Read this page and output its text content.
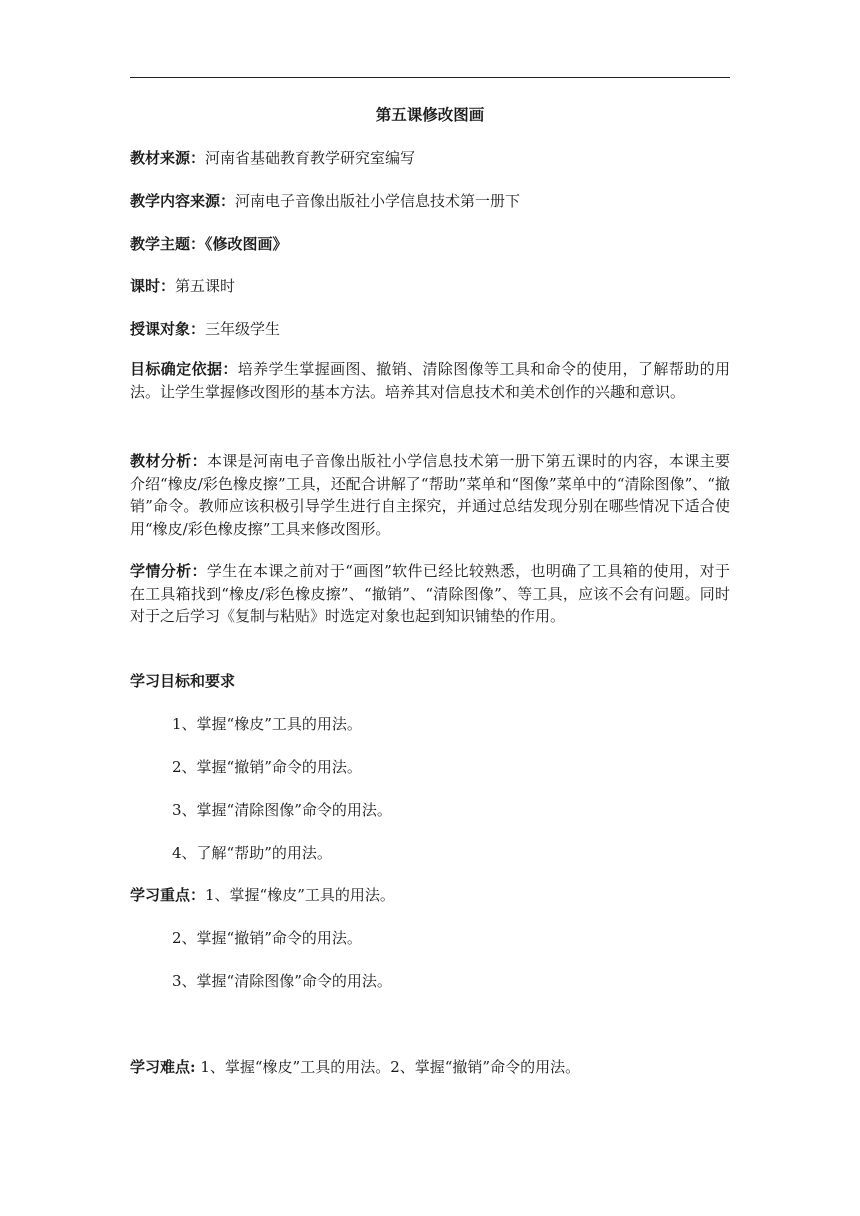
第五课修改图画
教材来源：河南省基础教育教学研究室编写
教学内容来源：河南电子音像出版社小学信息技术第一册下
教学主题：《修改图画》
课时：第五课时
授课对象：三年级学生
目标确定依据：培养学生掌握画图、撤销、清除图像等工具和命令的使用，了解帮助的用法。让学生掌握修改图形的基本方法。培养其对信息技术和美术创作的兴趣和意识。
教材分析：本课是河南电子音像出版社小学信息技术第一册下第五课时的内容，本课主要介绍“橡皮/彩色橡皮擦”工具，还配合讲解了“帮助”菜单和“图像”菜单中的“清除图像”、“撤销”命令。教师应该积极引导学生进行自主探究，并通过总结发现分别在哪些情况下适合使用“橡皮/彩色橡皮擦”工具来修改图形。
学情分析：学生在本课之前对于“画图”软件已经比较熟悉，也明确了工具箱的使用，对于在工具箱找到“橡皮/彩色橡皮擦”、“撤销”、“清除图像”、等工具，应该不会有问题。同时对于之后学习《复制与粘贴》时选定对象也起到知识铺垫的作用。
学习目标和要求
1、掌握“橡皮”工具的用法。
2、掌握“撤销”命令的用法。
3、掌握“清除图像”命令的用法。
4、了解“帮助”的用法。
学习重点：1、掌握“橡皮”工具的用法。
2、掌握“撤销”命令的用法。
3、掌握“清除图像”命令的用法。
学习难点: 1、掌握“橡皮”工具的用法。2、掌握“撤销”命令的用法。
